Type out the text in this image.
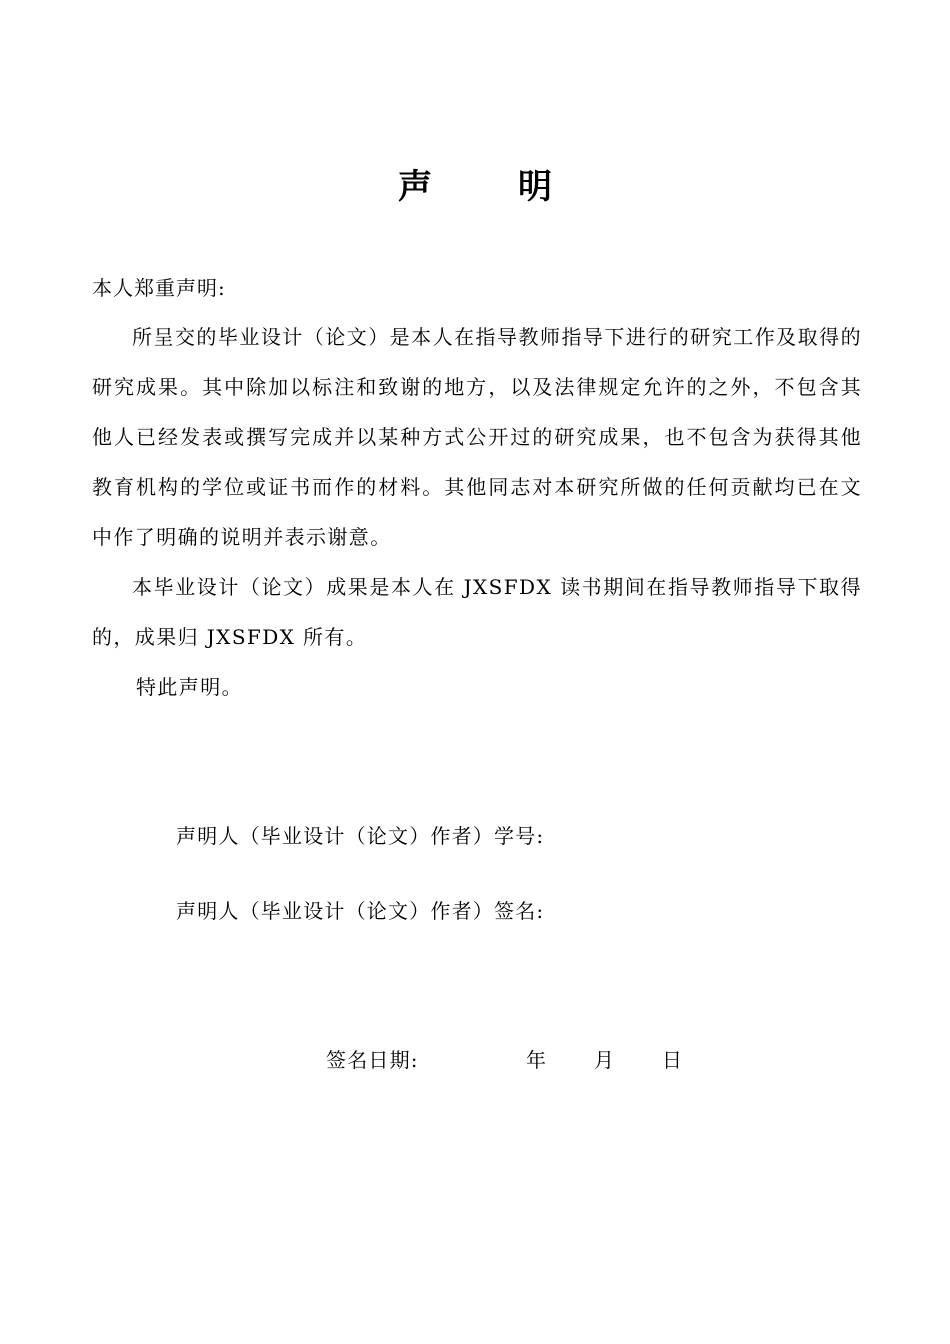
声	明
本人郑重声明:

所呈交的毕业设计（论文）是本人在指导教师指导下进行的研究工作及取得的研究成果。其中除加以标注和致谢的地方，以及法律规定允许的之外，不包含其他人已经发表或撰写完成并以某种方式公开过的研究成果，也不包含为获得其他教育机构的学位或证书而作的材料。其他同志对本研究所做的任何贡献均已在文中作了明确的说明并表示谢意。

本毕业设计（论文）成果是本人在 JXSFDX 读书期间在指导教师指导下取得的，成果归 JXSFDX 所有。

特此声明。
声明人（毕业设计（论文）作者）学号:
声明人（毕业设计（论文）作者）签名:
签名日期:	年 月 日
